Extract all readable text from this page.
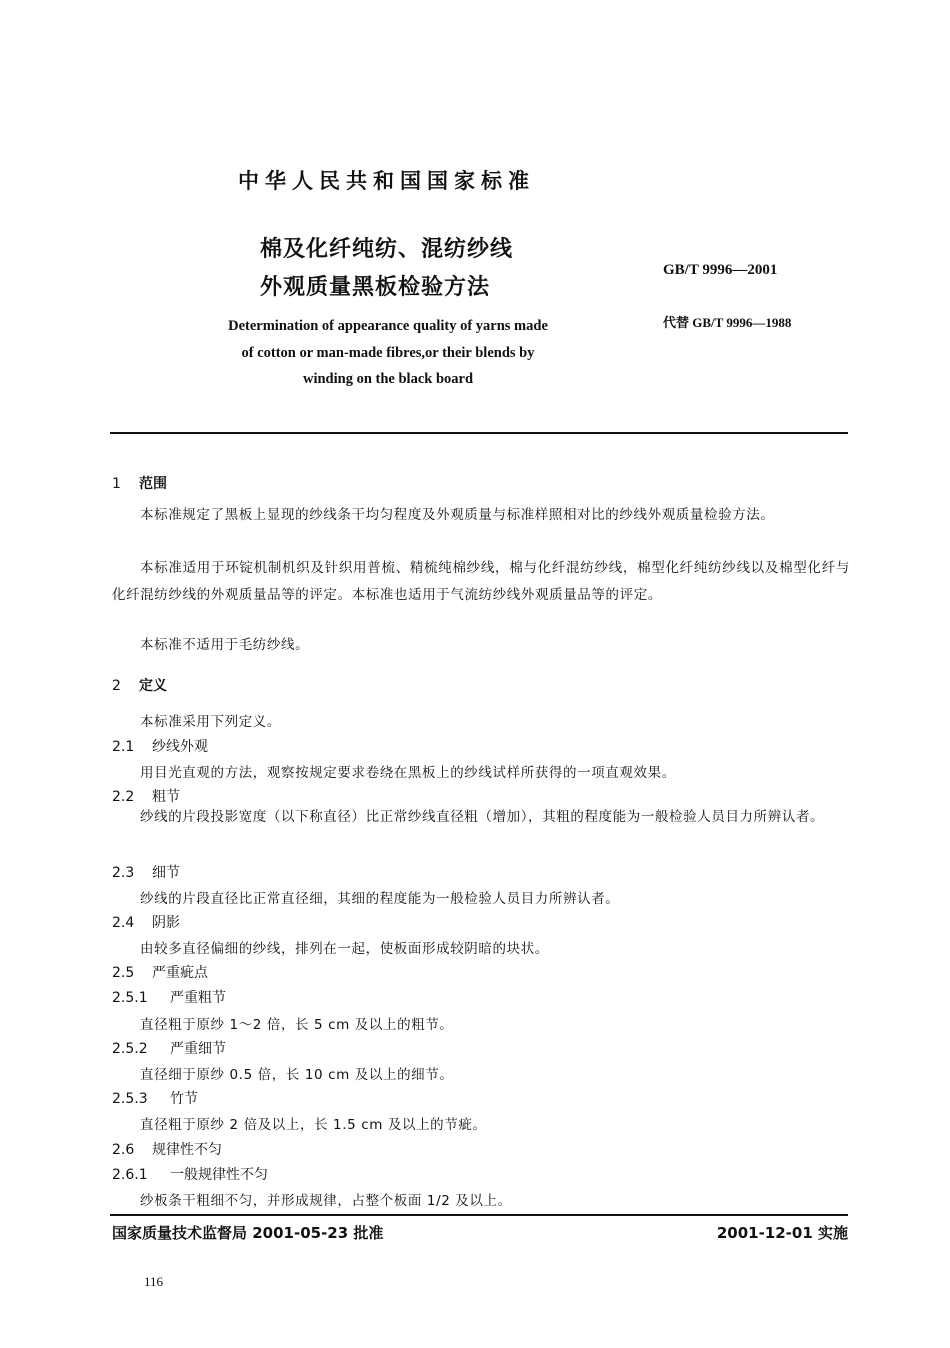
中华人民共和国国家标准
棉及化纤纯纺、混纺纱线
外观质量黑板检验方法
GB/T 9996—2001
代替 GB/T 9996—1988
Determination of appearance quality of yarns made
of cotton or man-made fibres,or their blends by
winding on the black board
1 范围
本标准规定了黑板上显现的纱线条干均匀程度及外观质量与标准样照相对比的纱线外观质量检验方法。
本标准适用于环锭机制机织及针织用普梳、精梳纯棉纱线，棉与化纤混纺纱线，棉型化纤纯纺纱线以及棉型化纤与化纤混纺纱线的外观质量品等的评定。本标准也适用于气流纺纱线外观质量品等的评定。
本标准不适用于毛纺纱线。
2 定义
本标准采用下列定义。
2.1 纱线外观
用目光直观的方法，观察按规定要求卷绕在黑板上的纱线试样所获得的一项直观效果。
2.2 粗节
纱线的片段投影宽度（以下称直径）比正常纱线直径粗（增加），其粗的程度能为一般检验人员目力所辨认者。
2.3 细节
纱线的片段直径比正常直径细，其细的程度能为一般检验人员目力所辨认者。
2.4 阴影
由较多直径偏细的纱线，排列在一起，使板面形成较阴暗的块状。
2.5 严重疵点
2.5.1 严重粗节
直径粗于原纱 1～2 倍，长 5 cm 及以上的粗节。
2.5.2 严重细节
直径细于原纱 0.5 倍，长 10 cm 及以上的细节。
2.5.3 竹节
直径粗于原纱 2 倍及以上，长 1.5 cm 及以上的节疵。
2.6 规律性不匀
2.6.1 一般规律性不匀
纱板条干粗细不匀，并形成规律，占整个板面 1/2 及以上。
国家质量技术监督局 2001-05-23 批准	2001-12-01 实施
116
